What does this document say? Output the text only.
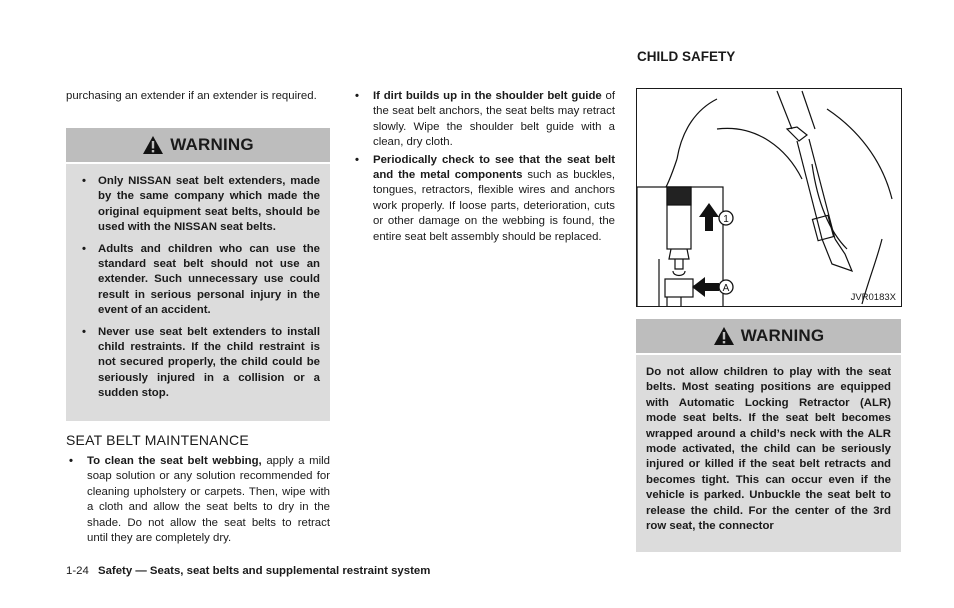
purchasing an extender if an extender is required.

WARNING
• Only NISSAN seat belt extenders, made by the same company which made the original equipment seat belts, should be used with the NISSAN seat belts.
• Adults and children who can use the standard seat belt should not use an extender. Such unnecessary use could result in serious personal injury in the event of an accident.
• Never use seat belt extenders to install child restraints. If the child restraint is not secured properly, the child could be seriously injured in a collision or a sudden stop.
SEAT BELT MAINTENANCE
• To clean the seat belt webbing, apply a mild soap solution or any solution recommended for cleaning upholstery or carpets. Then, wipe with a cloth and allow the seat belts to dry in the shade. Do not allow the seat belts to retract until they are completely dry.
• If dirt builds up in the shoulder belt guide of the seat belt anchors, the seat belts may retract slowly. Wipe the shoulder belt guide with a clean, dry cloth.
• Periodically check to see that the seat belt and the metal components such as buckles, tongues, retractors, flexible wires and anchors work properly. If loose parts, deterioration, cuts or other damage on the webbing is found, the entire seat belt assembly should be replaced.
CHILD SAFETY
1
A
JVR0183X
WARNING
Do not allow children to play with the seat belts. Most seating positions are equipped with Automatic Locking Retractor (ALR) mode seat belts. If the seat belt becomes wrapped around a child’s neck with the ALR mode activated, the child can be seriously injured or killed if the seat belt retracts and becomes tight. This can occur even if the vehicle is parked. Unbuckle the seat belt to release the child. For the center of the 3rd row seat, the connector
1-24 Safety — Seats, seat belts and supplemental restraint system
